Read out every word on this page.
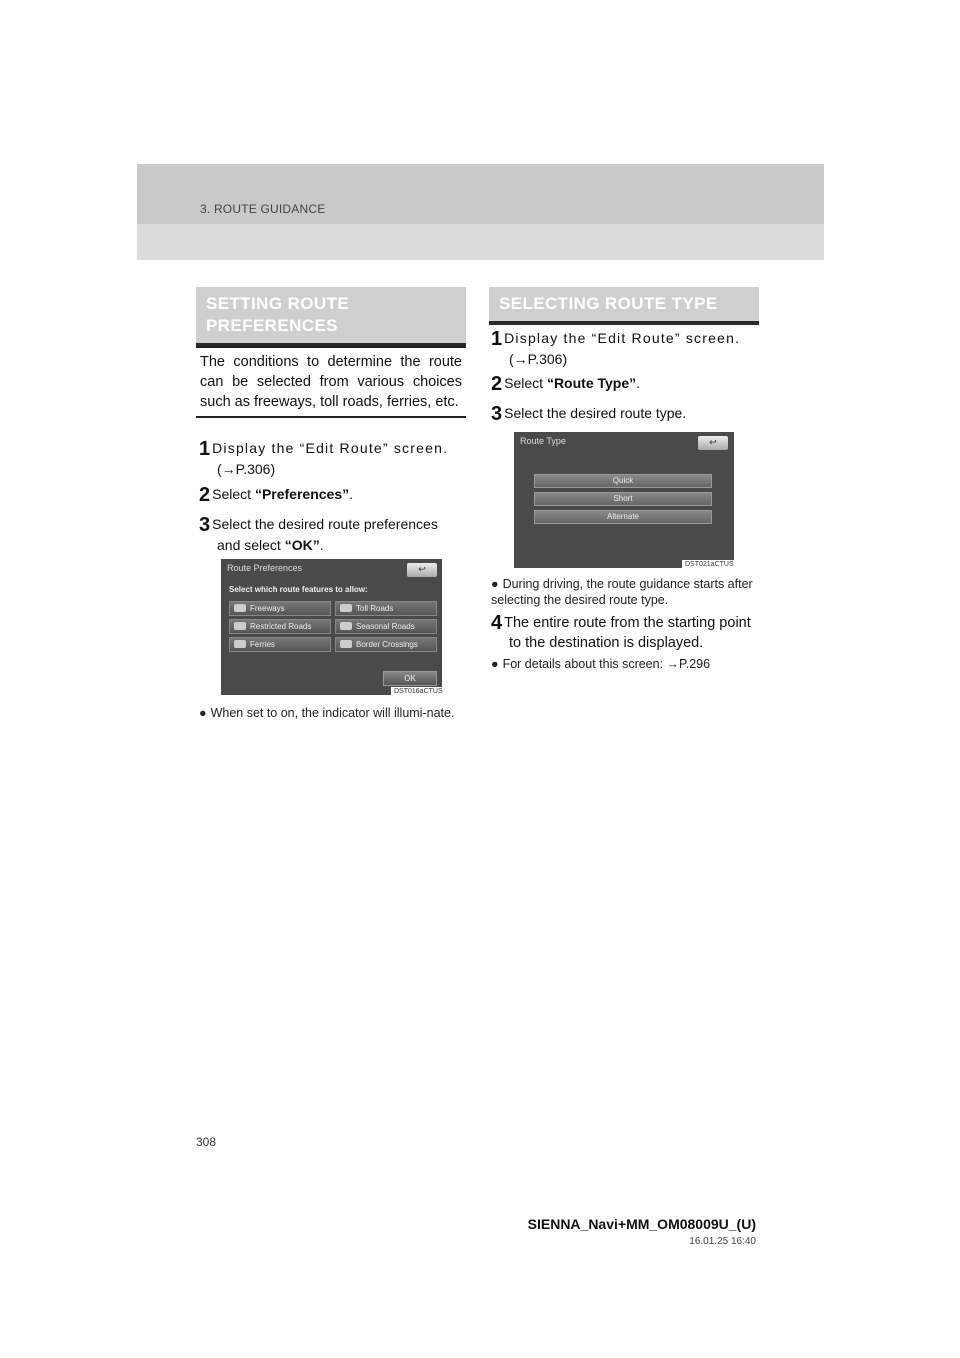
3. ROUTE GUIDANCE
SETTING ROUTE PREFERENCES
The conditions to determine the route can be selected from various choices such as freeways, toll roads, ferries, etc.
1 Display the “Edit Route” screen.
(→P.306)
2 Select “Preferences”.
3 Select the desired route preferences
and select “OK”.
Route Preferences	↩
Select which route features to allow:
Freeways	Toll Roads
Restricted Roads	Seasonal Roads
Ferries	Border Crossings
OK
DST016aCTUS
● When set to on, the indicator will illumi-nate.
SELECTING ROUTE TYPE
1 Display the “Edit Route” screen.
(→P.306)
2 Select “Route Type”.
3 Select the desired route type.
Route Type	↩
Quick
Short
Alternate
DST021aCTUS
● During driving, the route guidance starts after selecting the desired route type.
4 The entire route from the starting point
to the destination is displayed.
● For details about this screen: →P.296
308
SIENNA_Navi+MM_OM08009U_(U)
16.01.25 16:40
